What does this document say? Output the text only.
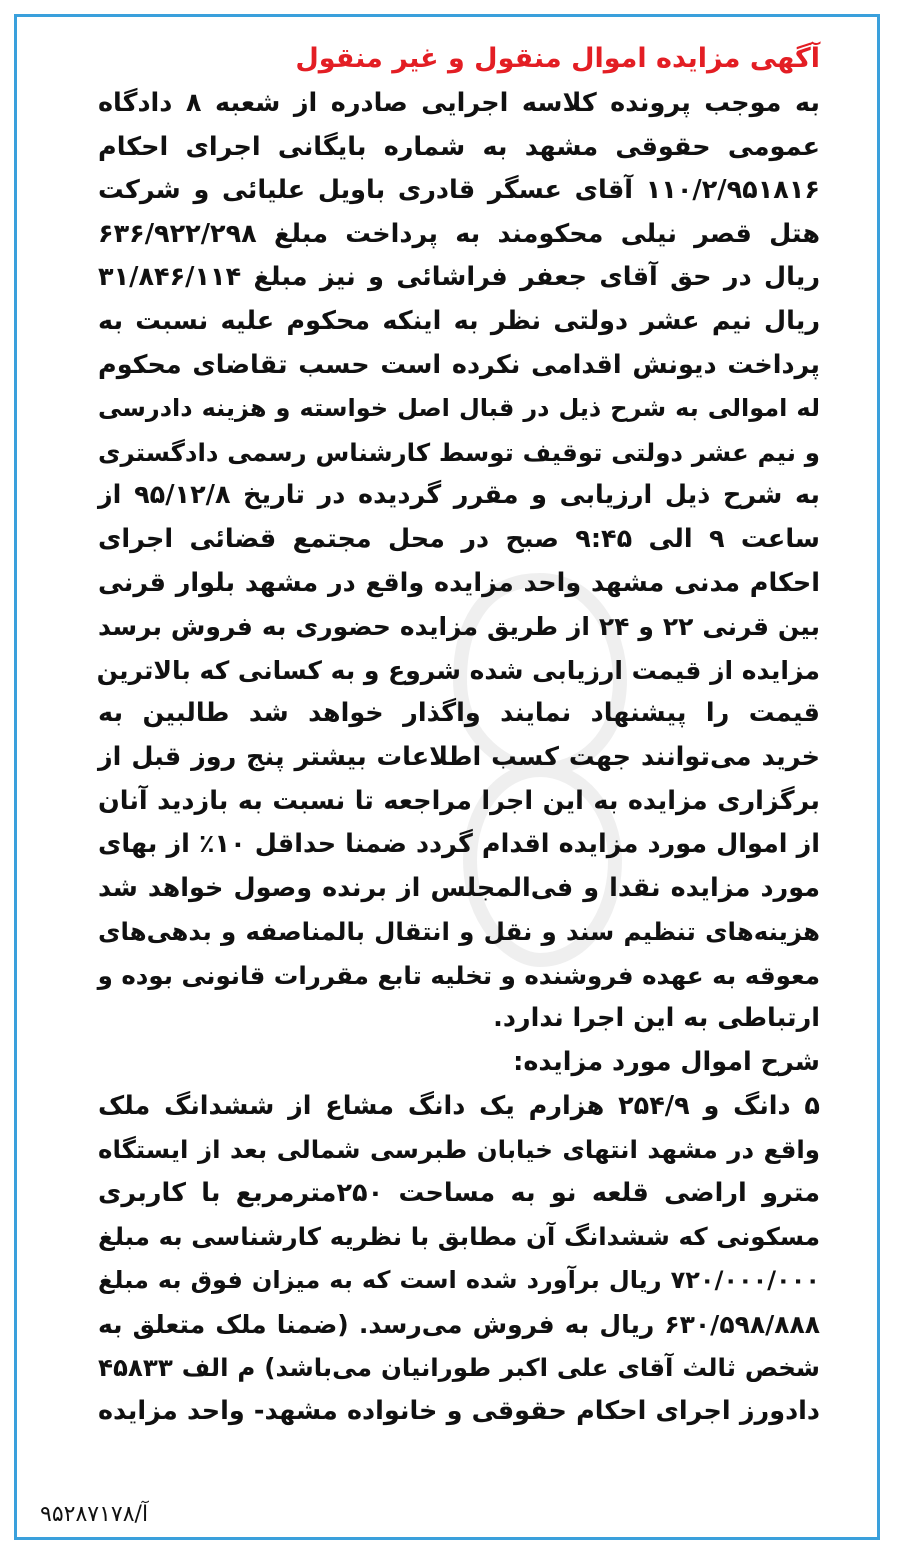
آگهی مزایده اموال منقول و غیر منقول
به موجب پرونده کلاسه اجرایی صادره از شعبه ۸ دادگاه
عمومی حقوقی مشهد به شماره بایگانی اجرای احکام
۱۱۰/۲/۹۵۱۸۱۶ آقای عسگر قادری باویل علیائی و شرکت
هتل قصر نیلی محکومند به پرداخت مبلغ ۶۳۶/۹۲۲/۲۹۸
ریال در حق آقای جعفر فراشائی و نیز مبلغ ۳۱/۸۴۶/۱۱۴
ریال نیم عشر دولتی نظر به اینکه محکوم علیه نسبت به
پرداخت دیونش اقدامی نکرده است حسب تقاضای محکوم
له اموالی به شرح ذیل در قبال اصل خواسته و هزینه دادرسی
و نیم عشر دولتی توقیف توسط کارشناس رسمی دادگستری
به شرح ذیل ارزیابی و مقرر گردیده در تاریخ ۹۵/۱۲/۸ از
ساعت ۹ الی ۹:۴۵ صبح در محل مجتمع قضائی اجرای
احکام مدنی مشهد واحد مزایده واقع در مشهد بلوار قرنی
بین قرنی ۲۲ و ۲۴ از طریق مزایده حضوری به فروش برسد
مزایده از قیمت ارزیابی شده شروع و به کسانی که بالاترین
قیمت را پیشنهاد نمایند واگذار خواهد شد طالبین به
خرید می‌توانند جهت کسب اطلاعات بیشتر پنج روز قبل از
برگزاری مزایده به این اجرا مراجعه تا نسبت به بازدید آنان
از اموال مورد مزایده اقدام گردد ضمنا حداقل ۱۰٪ از بهای
مورد مزایده نقدا و فی‌المجلس از برنده وصول خواهد شد
هزینه‌های تنظیم سند و نقل و انتقال بالمناصفه و بدهی‌های
معوقه به عهده فروشنده و تخلیه تابع مقررات قانونی بوده و
ارتباطی به این اجرا ندارد.
شرح اموال مورد مزایده:
۵ دانگ و ۲۵۴/۹ هزارم یک دانگ مشاع از ششدانگ ملک
واقع در مشهد انتهای خیابان طبرسی شمالی بعد از ایستگاه
مترو اراضی قلعه نو به مساحت ۲۵۰مترمربع با کاربری
مسکونی که ششدانگ آن مطابق با نظریه کارشناسی به مبلغ
۷۲۰/۰۰۰/۰۰۰ ریال برآورد شده است که به میزان فوق به مبلغ
۶۳۰/۵۹۸/۸۸۸ ریال به فروش می‌رسد. (ضمنا ملک متعلق به
شخص ثالث آقای علی اکبر طورانیان می‌باشد) م الف ۴۵۸۳۳
دادورز اجرای احکام حقوقی و خانواده مشهد- واحد مزایده
آ/۹۵۲۸۷۱۷۸
